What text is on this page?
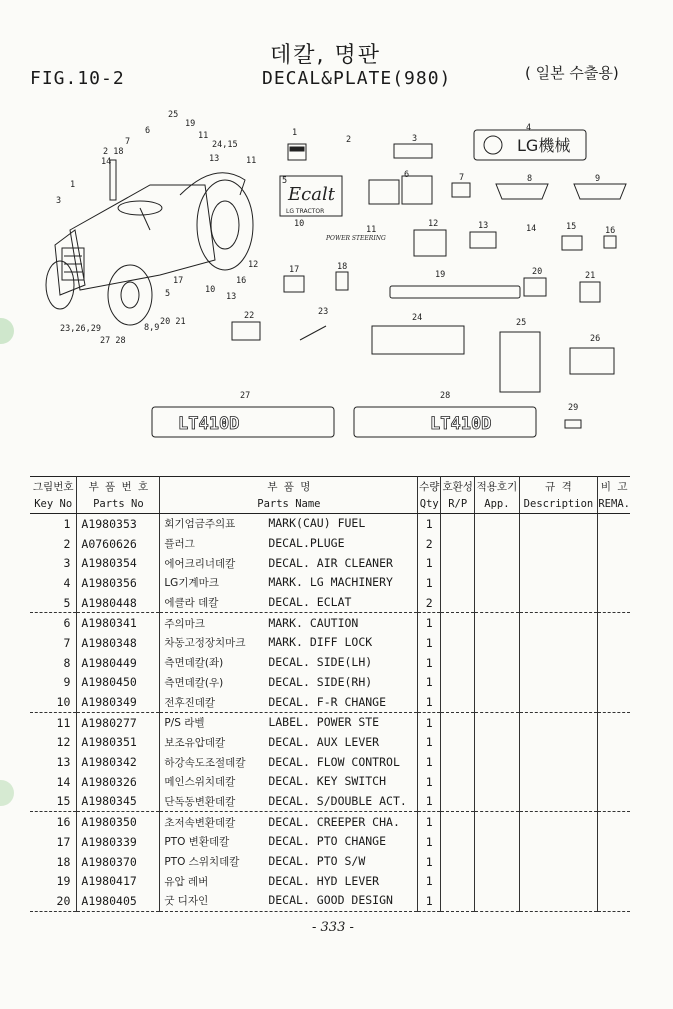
데칼, 명판
FIG.10-2	DECAL&PLATE(980)	( 일본 수출용)
25
19
6
7
2 18
14
11
24,15
13	11
1
3
12
16
17
10
13
5
20 21
8,9
23,26,29
27 28
LG機械
Ecalt
LG TRACTOR
POWER STEERING
LT410D	LT410D
1
2	3
4
5
6	7	8	9
10
11
12	13	14	15	16
17	18
19	20	21
22	23
24	25
26
27	28
29
그림번호	부 품 번 호	부 품 명	수량	호환성	적용호기	규 격	비 고
Key No	Parts No	Parts Name	Qty	R/P	App.	Description	REMA.
1	A1980353	회기엄금주의표 MARK(CAU) FUEL	1				
2	A0760626	플러그 DECAL.PLUGE	2				
3	A1980354	에어크리너데칼 DECAL. AIR CLEANER	1				
4	A1980356	LG기계마크 MARK. LG MACHINERY	1				
5	A1980448	에클라 데칼 DECAL. ECLAT	2				
6	A1980341	주의마크 MARK. CAUTION	1				
7	A1980348	차동고정장치마크 MARK. DIFF LOCK	1				
8	A1980449	측면데칼(좌) DECAL. SIDE(LH)	1				
9	A1980450	측면데칼(우) DECAL. SIDE(RH)	1				
10	A1980349	전후진데칼 DECAL. F-R CHANGE	1				
11	A1980277	P/S 라벨 LABEL. POWER STE	1				
12	A1980351	보조유압데칼 DECAL. AUX LEVER	1				
13	A1980342	하강속도조절데칼 DECAL. FLOW CONTROL	1				
14	A1980326	메인스위치데칼 DECAL. KEY SWITCH	1				
15	A1980345	단독동변환데칼 DECAL. S/DOUBLE ACT.	1				
16	A1980350	초저속변환데칼 DECAL. CREEPER CHA.	1				
17	A1980339	PTO 변환데칼 DECAL. PTO CHANGE	1				
18	A1980370	PTO 스위치데칼 DECAL. PTO S/W	1				
19	A1980417	유압 레버 DECAL. HYD LEVER	1				
20	A1980405	굿 디자인 DECAL. GOOD DESIGN	1				
- 333 -
